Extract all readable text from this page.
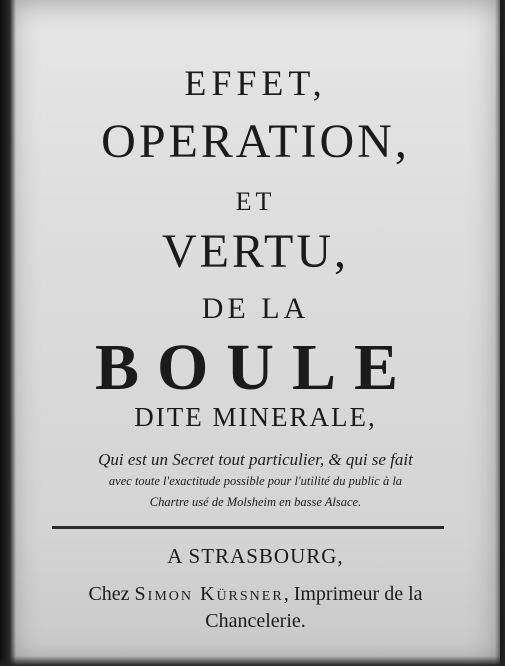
EFFET,
OPERATION,
ET
VERTU,
DE LA
BOULE
DITE MINERALE,
Qui est un Secret tout particulier, & qui se fait
avec toute l'exactitude possible pour l'utilité du public à la
Chartre usé de Molsheim en basse Alsace.
A STRASBOURG,
Chez Simon Kürsner, Imprimeur de la
Chancelerie.
